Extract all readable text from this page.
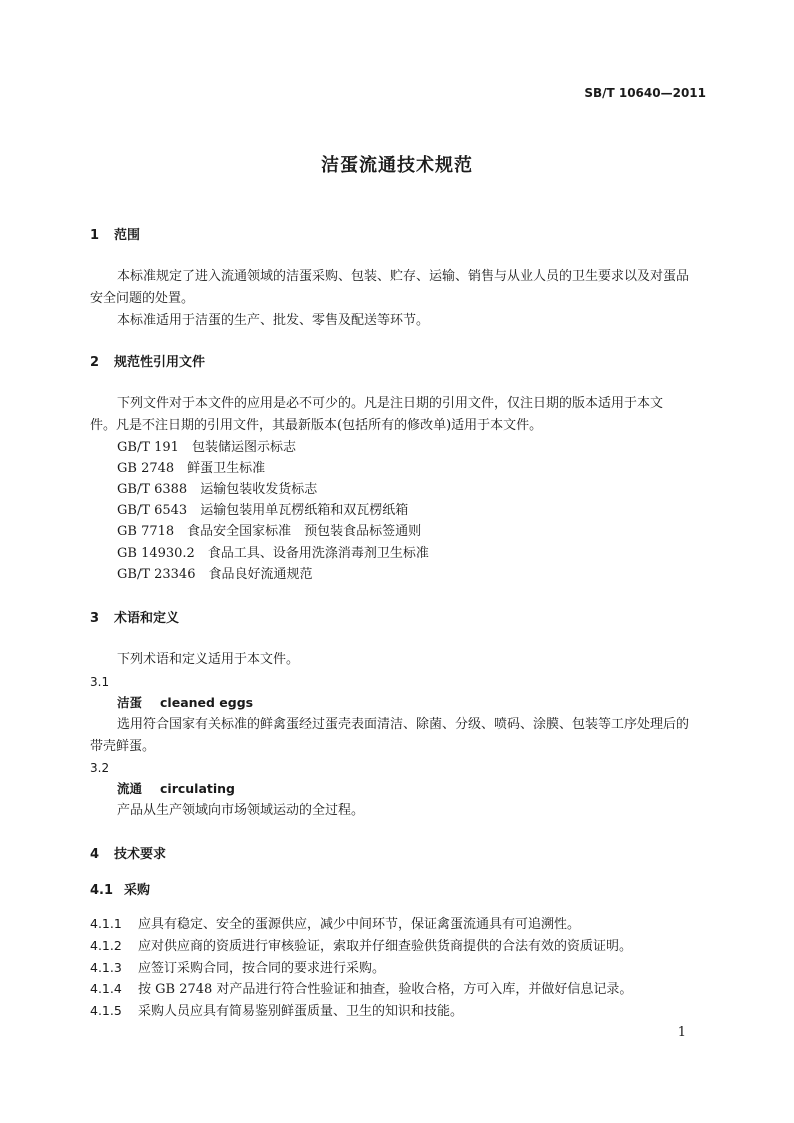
SB/T 10640—2011
洁蛋流通技术规范
1 范围
本标准规定了进入流通领域的洁蛋采购、包装、贮存、运输、销售与从业人员的卫生要求以及对蛋品
安全问题的处置。
本标准适用于洁蛋的生产、批发、零售及配送等环节。
2 规范性引用文件
下列文件对于本文件的应用是必不可少的。凡是注日期的引用文件，仅注日期的版本适用于本文
件。凡是不注日期的引用文件，其最新版本(包括所有的修改单)适用于本文件。
GB/T 191 包装储运图示标志
GB 2748 鲜蛋卫生标准
GB/T 6388 运输包装收发货标志
GB/T 6543 运输包装用单瓦楞纸箱和双瓦楞纸箱
GB 7718 食品安全国家标准　预包装食品标签通则
GB 14930.2 食品工具、设备用洗涤消毒剂卫生标准
GB/T 23346 食品良好流通规范
3 术语和定义
下列术语和定义适用于本文件。
3.1
洁蛋 cleaned eggs
选用符合国家有关标准的鲜禽蛋经过蛋壳表面清洁、除菌、分级、喷码、涂膜、包装等工序处理后的
带壳鲜蛋。
3.2
流通 circulating
产品从生产领域向市场领域运动的全过程。
4 技术要求
4.1 采购
4.1.1 应具有稳定、安全的蛋源供应，减少中间环节，保证禽蛋流通具有可追溯性。
4.1.2 应对供应商的资质进行审核验证，索取并仔细查验供货商提供的合法有效的资质证明。
4.1.3 应签订采购合同，按合同的要求进行采购。
4.1.4 按 GB 2748 对产品进行符合性验证和抽查，验收合格，方可入库，并做好信息记录。
4.1.5 采购人员应具有简易鉴别鲜蛋质量、卫生的知识和技能。
1
